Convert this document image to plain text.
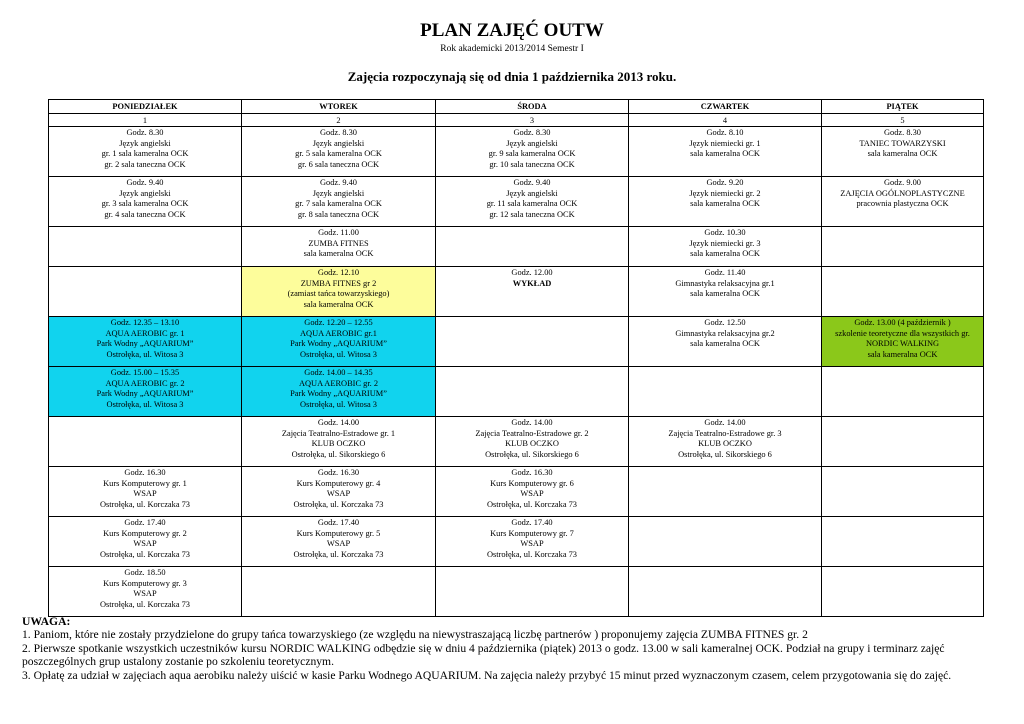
PLAN ZAJĘĆ OUTW
Rok akademicki 2013/2014 Semestr I
Zajęcia rozpoczynają się od dnia 1 października 2013 roku.
PONIEDZIAŁEK	WTOREK	ŚRODA	CZWARTEK	PIĄTEK
1	2	3	4	5

Godz. 8.30
Język angielski
gr. 1 sala kameralna OCK
gr. 2 sala taneczna OCK	Godz. 8.30
Język angielski
gr. 5 sala kameralna OCK
gr. 6 sala taneczna OCK	Godz. 8.30
Język angielski
gr. 9 sala kameralna OCK
gr. 10 sala taneczna OCK	Godz. 8.10
Język niemiecki gr. 1
sala kameralna OCK	Godz. 8.30
TANIEC TOWARZYSKI
sala kameralna OCK

Godz. 9.40
Język angielski
gr. 3 sala kameralna OCK
gr. 4 sala taneczna OCK	Godz. 9.40
Język angielski
gr. 7 sala kameralna OCK
gr. 8 sala taneczna OCK	Godz. 9.40
Język angielski
gr. 11 sala kameralna OCK
gr. 12 sala taneczna OCK	Godz. 9.20
Język niemiecki gr. 2
sala kameralna OCK	Godz. 9.00
ZAJĘCIA OGÓLNOPLASTYCZNE
pracownia plastyczna OCK

	Godz. 11.00
ZUMBA FITNES
sala kameralna OCK		Godz. 10.30
Język niemiecki gr. 3
sala kameralna OCK	

	Godz. 12.10
ZUMBA FITNES gr 2
(zamiast tańca towarzyskiego)
sala kameralna OCK	Godz. 12.00
WYKŁAD	Godz. 11.40
Gimnastyka relaksacyjna gr.1
sala kameralna OCK	

Godz. 12.35 – 13.10
AQUA AEROBIC gr. 1
Park Wodny „AQUARIUM”
Ostrołęka, ul. Witosa 3	Godz. 12.20 – 12.55
AQUA AEROBIC gr.1
Park Wodny „AQUARIUM”
Ostrołęka, ul. Witosa 3		Godz. 12.50
Gimnastyka relaksacyjna gr.2
sala kameralna OCK	Godz. 13.00 (4 październik )
szkolenie teoretyczne dla wszystkich gr.
NORDIC WALKING
sala kameralna OCK

Godz. 15.00 – 15.35
AQUA AEROBIC gr. 2
Park Wodny „AQUARIUM”
Ostrołęka, ul. Witosa 3	Godz. 14.00 – 14.35
AQUA AEROBIC gr. 2
Park Wodny „AQUARIUM”
Ostrołęka, ul. Witosa 3			

	Godz. 14.00
Zajęcia Teatralno-Estradowe gr. 1
KLUB OCZKO
Ostrołęka, ul. Sikorskiego 6	Godz. 14.00
Zajęcia Teatralno-Estradowe gr. 2
KLUB OCZKO
Ostrołęka, ul. Sikorskiego 6	Godz. 14.00
Zajęcia Teatralno-Estradowe gr. 3
KLUB OCZKO
Ostrołęka, ul. Sikorskiego 6	

Godz. 16.30
Kurs Komputerowy gr. 1
WSAP
Ostrołęka, ul. Korczaka 73	Godz. 16.30
Kurs Komputerowy gr. 4
WSAP
Ostrołęka, ul. Korczaka 73	Godz. 16.30
Kurs Komputerowy gr. 6
WSAP
Ostrołęka, ul. Korczaka 73		

Godz. 17.40
Kurs Komputerowy gr. 2
WSAP
Ostrołęka, ul. Korczaka 73	Godz. 17.40
Kurs Komputerowy gr. 5
WSAP
Ostrołęka, ul. Korczaka 73	Godz. 17.40
Kurs Komputerowy gr. 7
WSAP
Ostrołęka, ul. Korczaka 73		

Godz. 18.50
Kurs Komputerowy gr. 3
WSAP
Ostrołęka, ul. Korczaka 73				

UWAGA:
1. Paniom, które nie zostały przydzielone do grupy tańca towarzyskiego (ze względu na niewystraszającą liczbę partnerów ) proponujemy zajęcia ZUMBA FITNES gr. 2
2. Pierwsze spotkanie wszystkich uczestników kursu NORDIC WALKING odbędzie się w dniu 4 października (piątek) 2013 o godz. 13.00 w sali kameralnej OCK. Podział na grupy i terminarz zajęć poszczególnych grup ustalony zostanie po szkoleniu teoretycznym.
3. Opłatę za udział w zajęciach aqua aerobiku należy uiścić w kasie Parku Wodnego AQUARIUM. Na zajęcia należy przybyć 15 minut przed wyznaczonym czasem, celem przygotowania się do zajęć.
